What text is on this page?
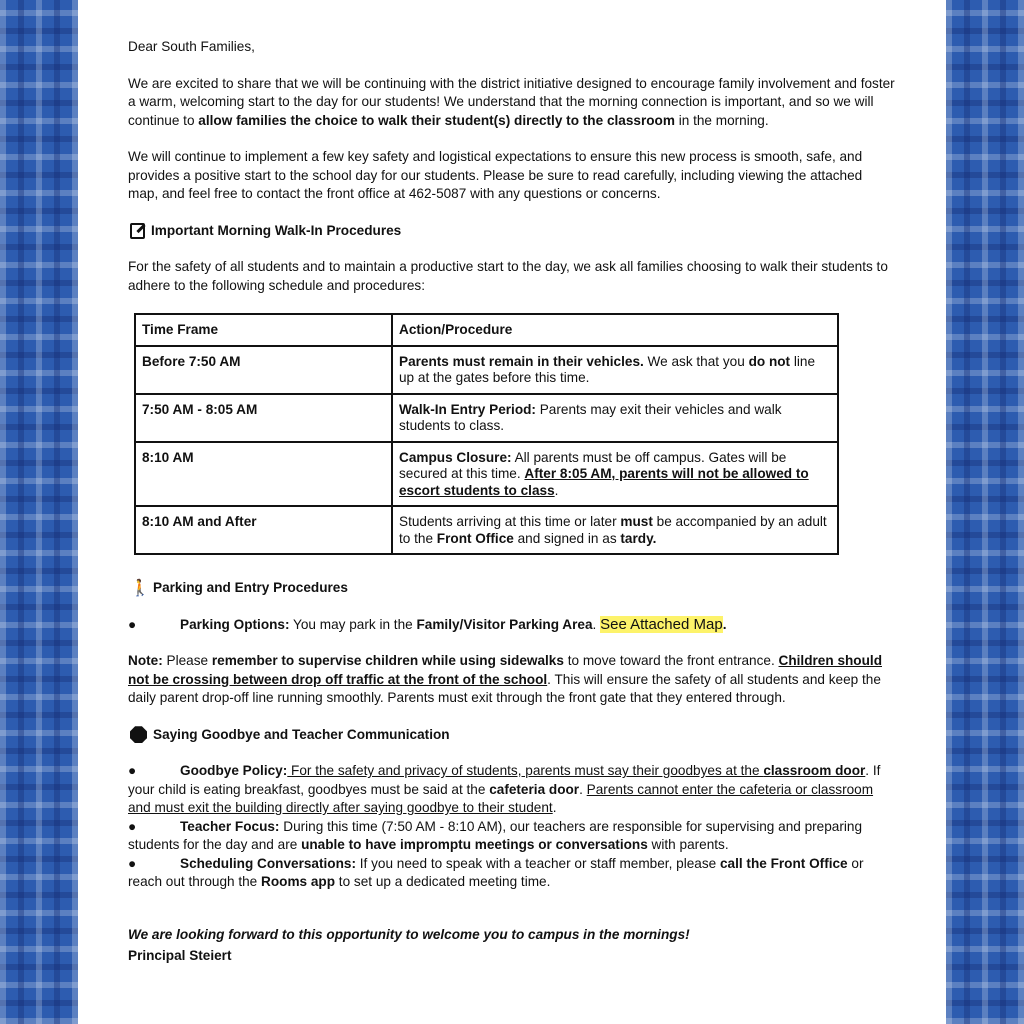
Dear South Families,

We are excited to share that we will be continuing with the district initiative designed to encourage family involvement and foster a warm, welcoming start to the day for our students! We understand that the morning connection is important, and so we will continue to allow families the choice to walk their student(s) directly to the classroom in the morning.

We will continue to implement a few key safety and logistical expectations to ensure this new process is smooth, safe, and provides a positive start to the school day for our students. Please be sure to read carefully, including viewing the attached map, and feel free to contact the front office at 462-5087 with any questions or concerns.

Important Morning Walk-In Procedures

For the safety of all students and to maintain a productive start to the day, we ask all families choosing to walk their students to adhere to the following schedule and procedures:

Time Frame	Action/Procedure
Before 7:50 AM	Parents must remain in their vehicles. We ask that you do not line up at the gates before this time.
7:50 AM - 8:05 AM	Walk-In Entry Period: Parents may exit their vehicles and walk students to class.
8:10 AM	Campus Closure: All parents must be off campus. Gates will be secured at this time. After 8:05 AM, parents will not be allowed to escort students to class.
8:10 AM and After	Students arriving at this time or later must be accompanied by an adult to the Front Office and signed in as tardy.
🚶 Parking and Entry Procedures
●	Parking Options: You may park in the Family/Visitor Parking Area. See Attached Map.

Note: Please remember to supervise children while using sidewalks to move toward the front entrance. Children should not be crossing between drop off traffic at the front of the school. This will ensure the safety of all students and keep the daily parent drop-off line running smoothly. Parents must exit through the front gate that they entered through.

Saying Goodbye and Teacher Communication

●	Goodbye Policy: For the safety and privacy of students, parents must say their goodbyes at the classroom door. If your child is eating breakfast, goodbyes must be said at the cafeteria door. Parents cannot enter the cafeteria or classroom and must exit the building directly after saying goodbye to their student.

●	Teacher Focus: During this time (7:50 AM - 8:10 AM), our teachers are responsible for supervising and preparing students for the day and are unable to have impromptu meetings or conversations with parents.

●	Scheduling Conversations: If you need to speak with a teacher or staff member, please call the Front Office or reach out through the Rooms app to set up a dedicated meeting time.

We are looking forward to this opportunity to welcome you to campus in the mornings!

Principal Steiert
